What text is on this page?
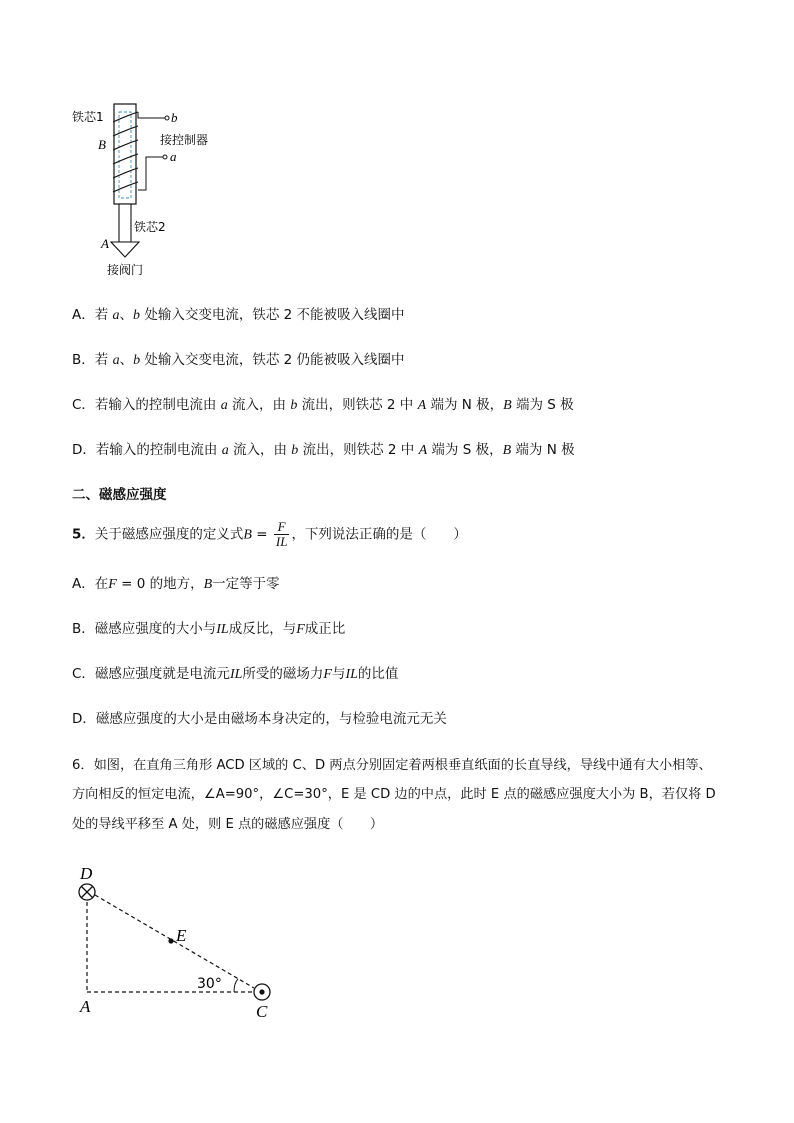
铁芯1	b
接控制器
a
B
铁芯2
A
接阀门
A．若 a、b 处输入交变电流，铁芯 2 不能被吸入线圈中
B．若 a、b 处输入交变电流，铁芯 2 仍能被吸入线圈中
C．若输入的控制电流由 a 流入，由 b 流出，则铁芯 2 中 A 端为 N 极，B 端为 S 极
D．若输入的控制电流由 a 流入，由 b 流出，则铁芯 2 中 A 端为 S 极，B 端为 N 极
二、磁感应强度
5．关于磁感应强度的定义式$B = \frac{F}{IL}$ ，下列说法正确的是（　　）
A．在F = 0 的地方，B一定等于零
B．磁感应强度的大小与IL成反比，与F成正比
C．磁感应强度就是电流元IL所受的磁场力F与IL的比值
D．磁感应强度的大小是由磁场本身决定的，与检验电流元无关
6．如图，在直角三角形 ACD 区域的 C、D 两点分别固定着两根垂直纸面的长直导线，导线中通有大小相等、
方向相反的恒定电流，∠A=90°，∠C=30°，E 是 CD 边的中点，此时 E 点的磁感应强度大小为 B，若仅将 D
处的导线平移至 A 处，则 E 点的磁感应强度（　　）
D
E
A	C
30°
